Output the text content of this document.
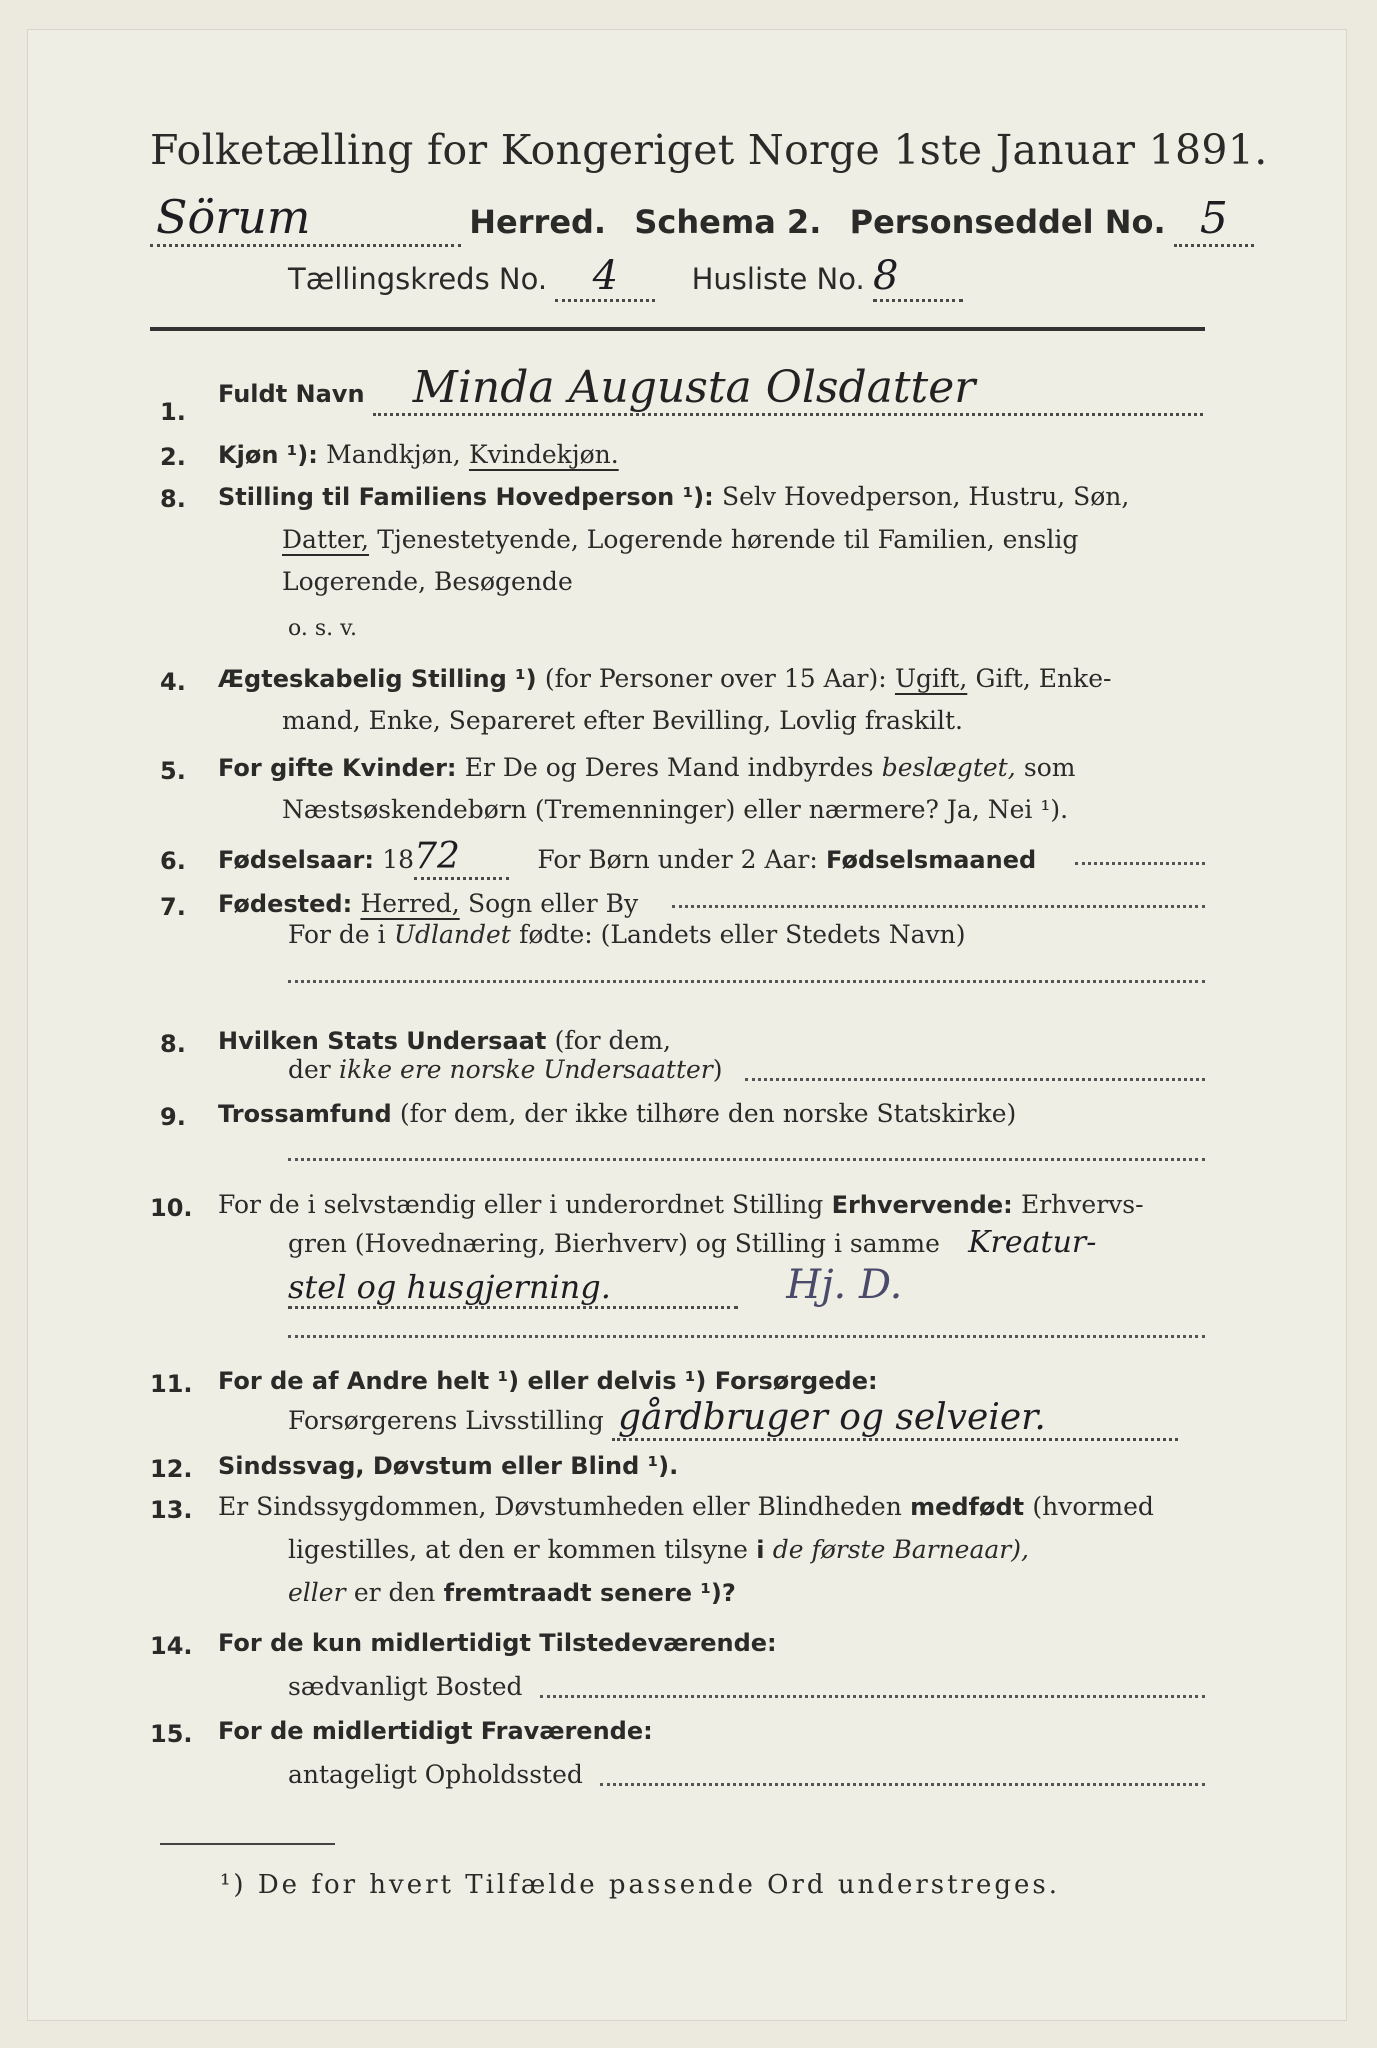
Folketælling for Kongeriget Norge 1ste Januar 1891.
Sörum	Herred. Schema 2. Personseddel No. 5
Tællingskreds No. 4	Husliste No. 8
1.
Fuldt Navn Minda Augusta Olsdatter
2.	Kjøn ¹): Mandkjøn, Kvindekjøn.
8.	Stilling til Familiens Hovedperson ¹): Selv Hovedperson, Hustru, Søn,
Datter, Tjenestetyende, Logerende hørende til Familien, enslig
Logerende, Besøgende
o. s. v.
4.	Ægteskabelig Stilling ¹) (for Personer over 15 Aar): Ugift, Gift, Enke-
mand, Enke, Separeret efter Bevilling, Lovlig fraskilt.
5.	For gifte Kvinder: Er De og Deres Mand indbyrdes beslægtet, som
Næstsøskendebørn (Tremenninger) eller nærmere? Ja, Nei ¹).
6.	Fødselsaar: 1872	For Børn under 2 Aar: Fødselsmaaned
7.	Fødested: Herred, Sogn eller By
For de i Udlandet fødte: (Landets eller Stedets Navn)
8.	Hvilken Stats Undersaat (for dem,
der ikke ere norske Undersaatter)
9.	Trossamfund (for dem, der ikke tilhøre den norske Statskirke)
10. For de i selvstændig eller i underordnet Stilling Erhvervende: Erhvervs-
gren (Hovednæring, Bierhverv) og Stilling i samme Kreatur-
stel og husgjerning.	Hj. D.
11.	For de af Andre helt ¹) eller delvis ¹) Forsørgede:
Forsørgerens Livsstilling gårdbruger og selveier.
12.	Sindssvag, Døvstum eller Blind ¹).
13. Er Sindssygdommen, Døvstumheden eller Blindheden medfødt (hvormed
ligestilles, at den er kommen tilsyne i de første Barneaar),
eller er den fremtraadt senere ¹)?
14.	For de kun midlertidigt Tilstedeværende:
sædvanligt Bosted
15.	For de midlertidigt Fraværende:
antageligt Opholdssted
¹) De for hvert Tilfælde passende Ord understreges.
